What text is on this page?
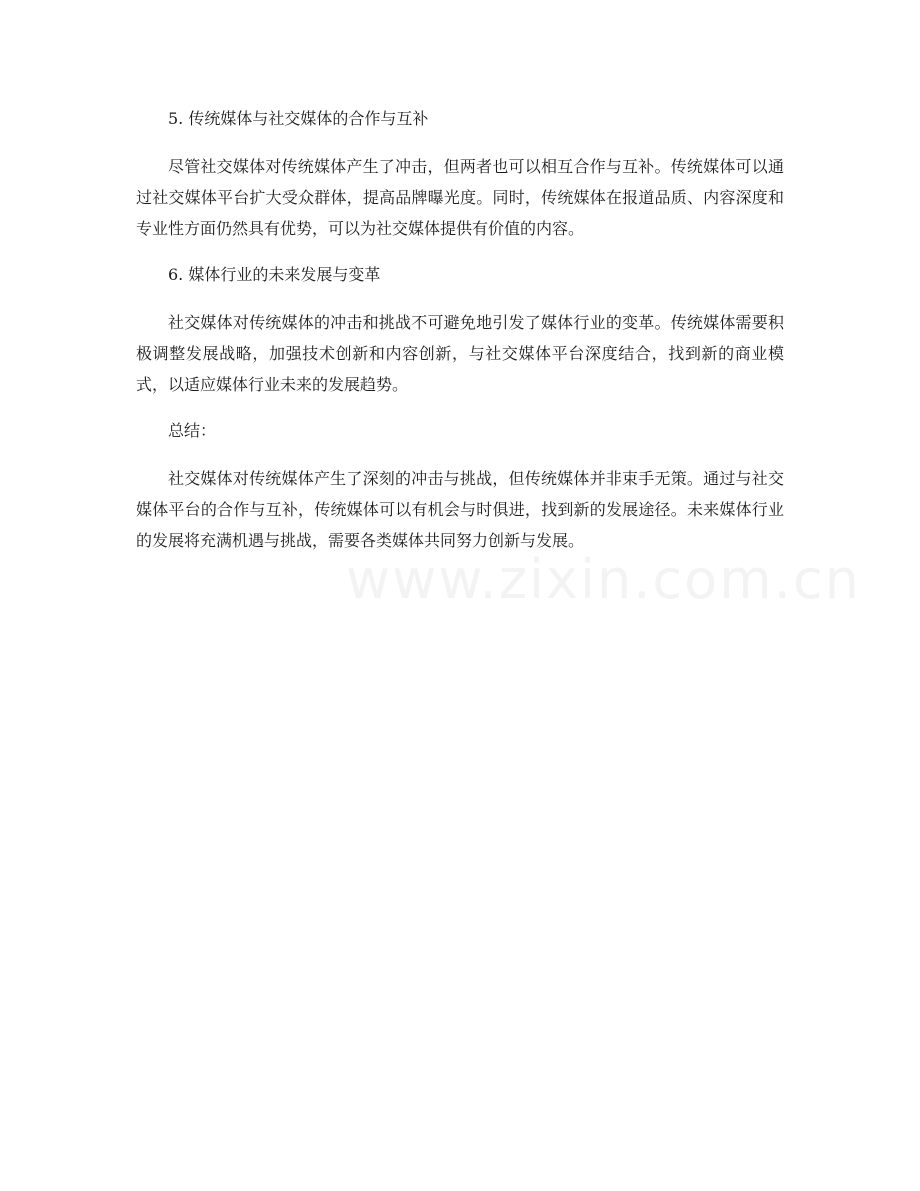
5. 传统媒体与社交媒体的合作与互补

尽管社交媒体对传统媒体产生了冲击，但两者也可以相互合作与互补。传统媒体可以通过社交媒体平台扩大受众群体，提高品牌曝光度。同时，传统媒体在报道品质、内容深度和专业性方面仍然具有优势，可以为社交媒体提供有价值的内容。

6. 媒体行业的未来发展与变革

社交媒体对传统媒体的冲击和挑战不可避免地引发了媒体行业的变革。传统媒体需要积极调整发展战略，加强技术创新和内容创新，与社交媒体平台深度结合，找到新的商业模式，以适应媒体行业未来的发展趋势。

总结：

社交媒体对传统媒体产生了深刻的冲击与挑战，但传统媒体并非束手无策。通过与社交媒体平台的合作与互补，传统媒体可以有机会与时俱进，找到新的发展途径。未来媒体行业的发展将充满机遇与挑战，需要各类媒体共同努力创新与发展。

www.zixin.com.cn
